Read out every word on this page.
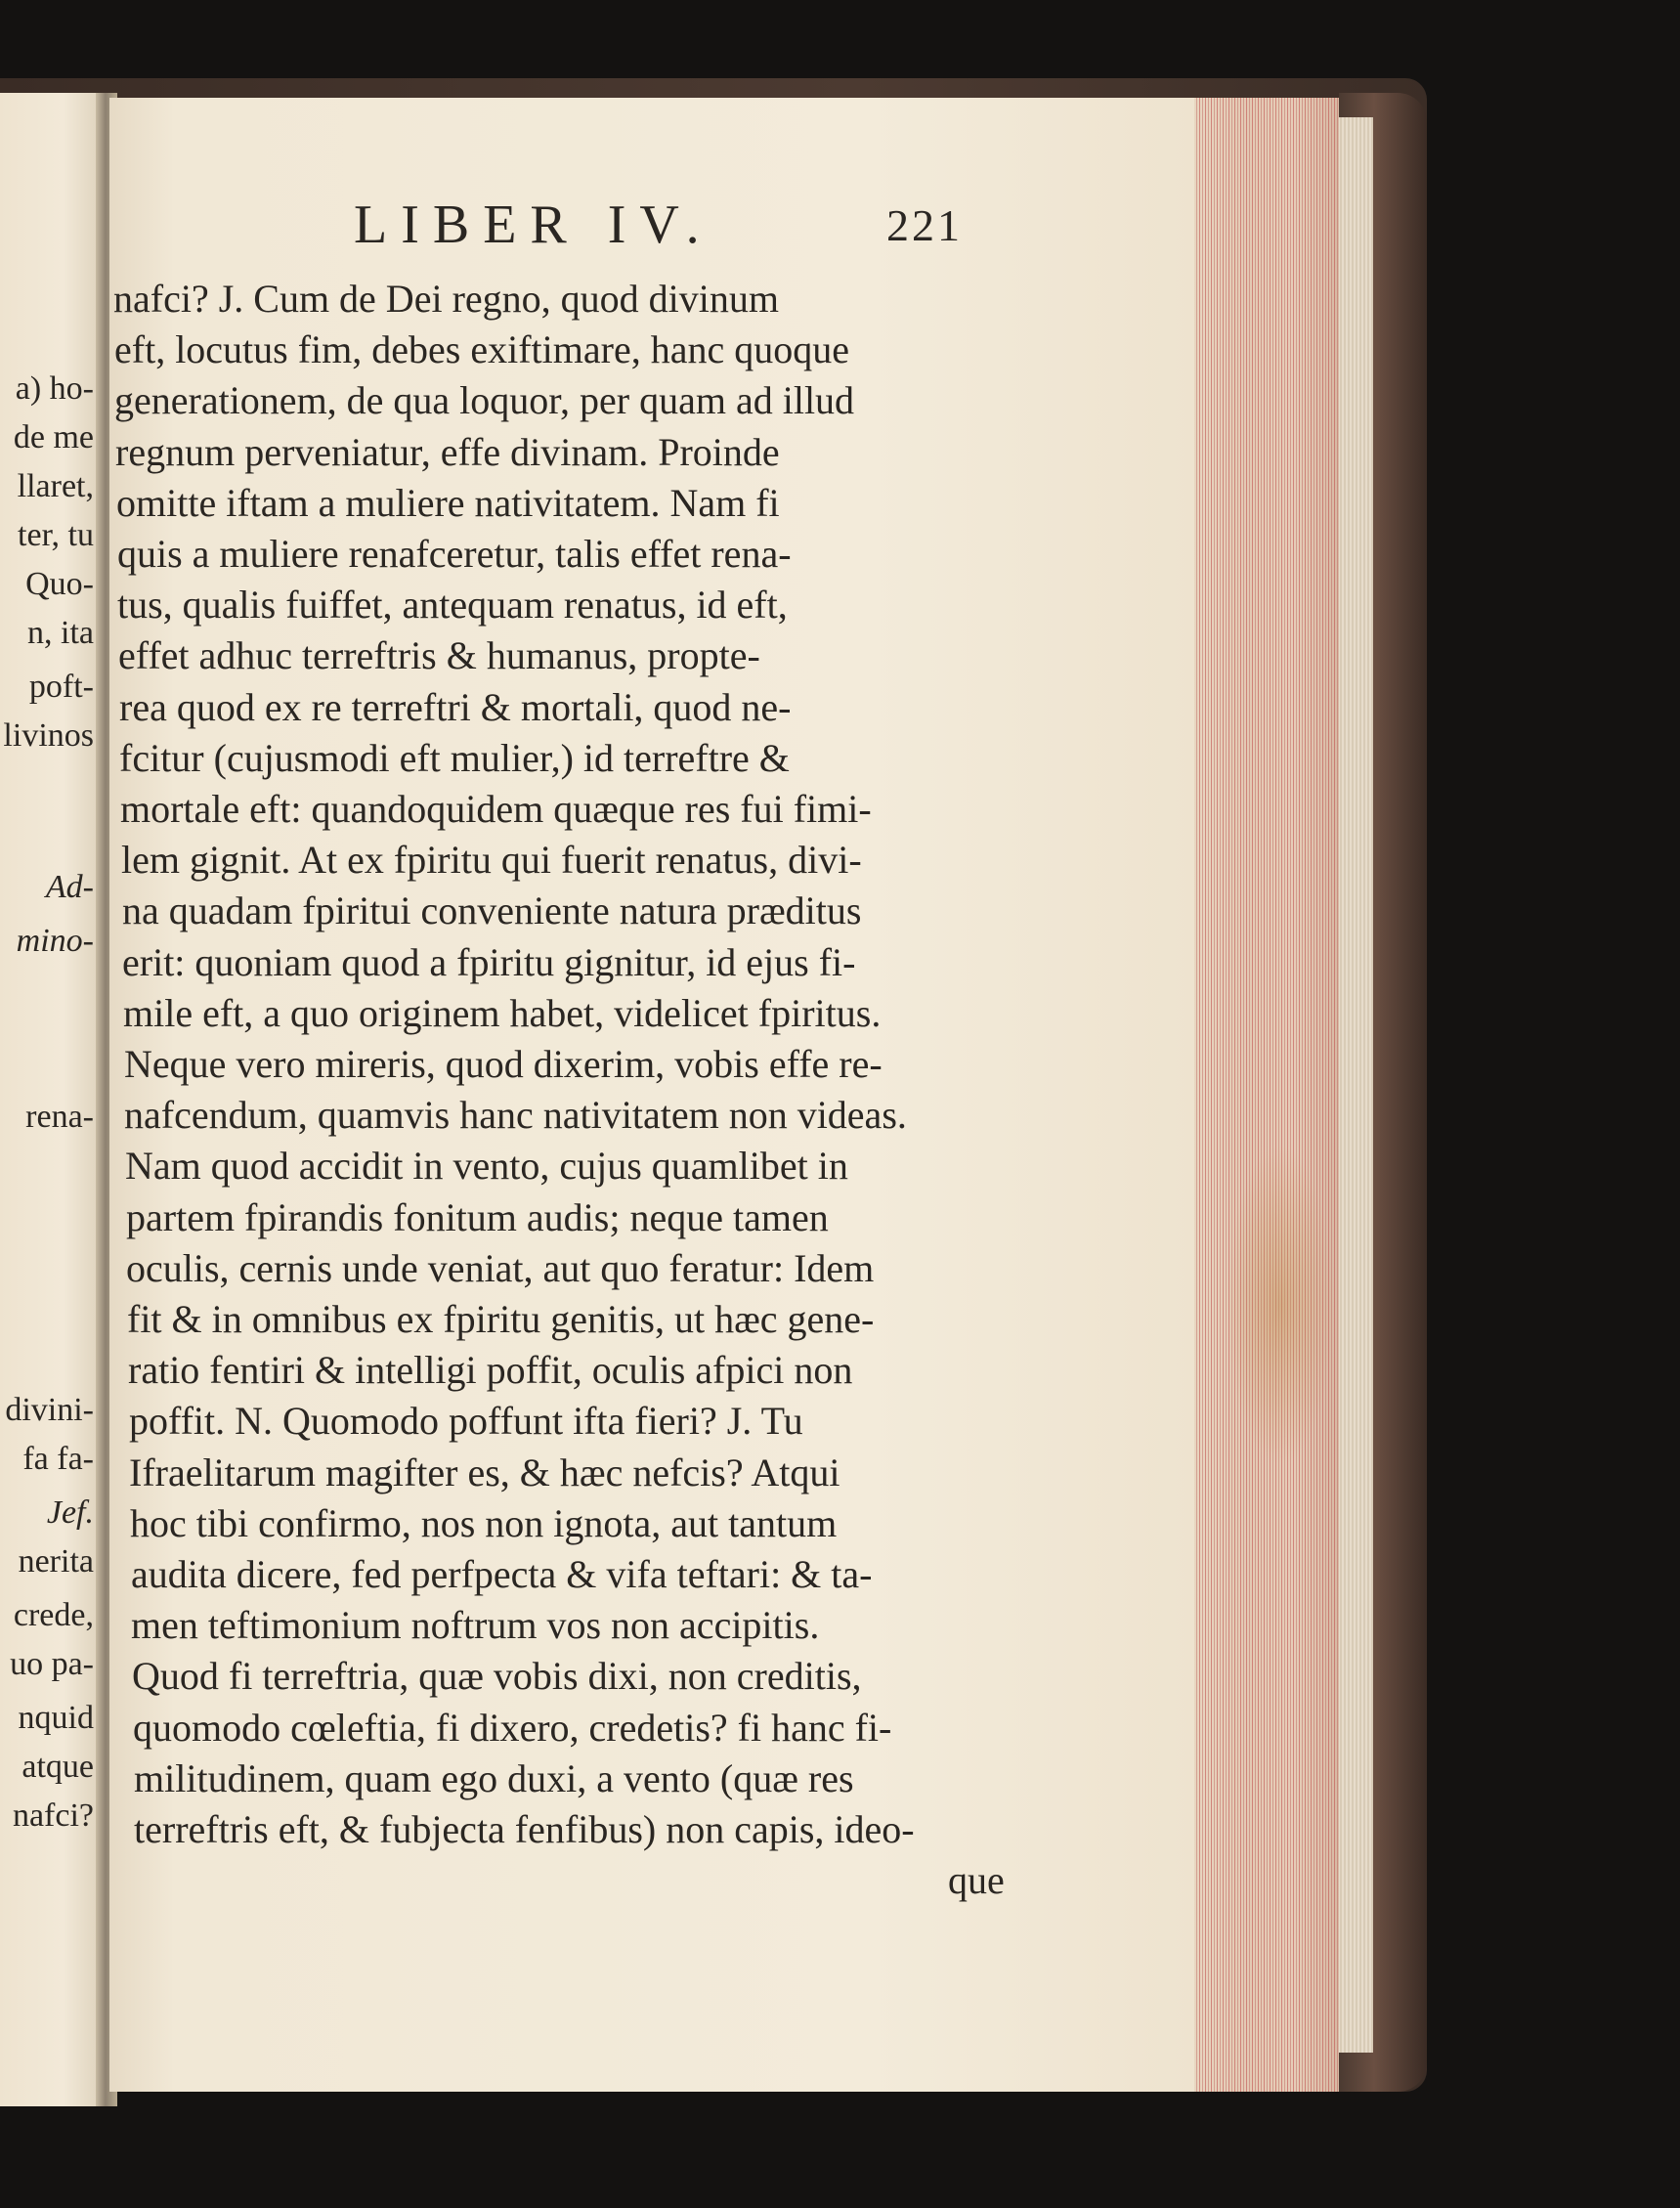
a) ho-
de me
llaret,
ter, tu
Quo-
n, ita
poft-
livinos
Ad-
mino-
rena-
divini-
fa fa-
Jef.
nerita
crede,
uo pa-
nquid
atque
nafci?
LIBER IV.	221
nafci? J. Cum de Dei regno, quod divinum
eft, locutus fim, debes exiftimare, hanc quoque
generationem, de qua loquor, per quam ad illud
regnum perveniatur, effe divinam. Proinde
omitte iftam a muliere nativitatem. Nam fi
quis a muliere renafceretur, talis effet rena-
tus, qualis fuiffet, antequam renatus, id eft,
effet adhuc terreftris & humanus, propte-
rea quod ex re terreftri & mortali, quod ne-
fcitur (cujusmodi eft mulier,) id terreftre &
mortale eft: quandoquidem quæque res fui fimi-
lem gignit. At ex fpiritu qui fuerit renatus, divi-
na quadam fpiritui conveniente natura præditus
erit: quoniam quod a fpiritu gignitur, id ejus fi-
mile eft, a quo originem habet, videlicet fpiritus.
Neque vero mireris, quod dixerim, vobis effe re-
nafcendum, quamvis hanc nativitatem non videas.
Nam quod accidit in vento, cujus quamlibet in
partem fpirandis fonitum audis; neque tamen
oculis, cernis unde veniat, aut quo feratur: Idem
fit & in omnibus ex fpiritu genitis, ut hæc gene-
ratio fentiri & intelligi poffit, oculis afpici non
poffit. N. Quomodo poffunt ifta fieri? J. Tu
Ifraelitarum magifter es, & hæc nefcis? Atqui
hoc tibi confirmo, nos non ignota, aut tantum
audita dicere, fed perfpecta & vifa teftari: & ta-
men teftimonium noftrum vos non accipitis.
Quod fi terreftria, quæ vobis dixi, non creditis,
quomodo cœleftia, fi dixero, credetis? fi hanc fi-
militudinem, quam ego duxi, a vento (quæ res
terreftris eft, & fubjecta fenfibus) non capis, ideo-
que
